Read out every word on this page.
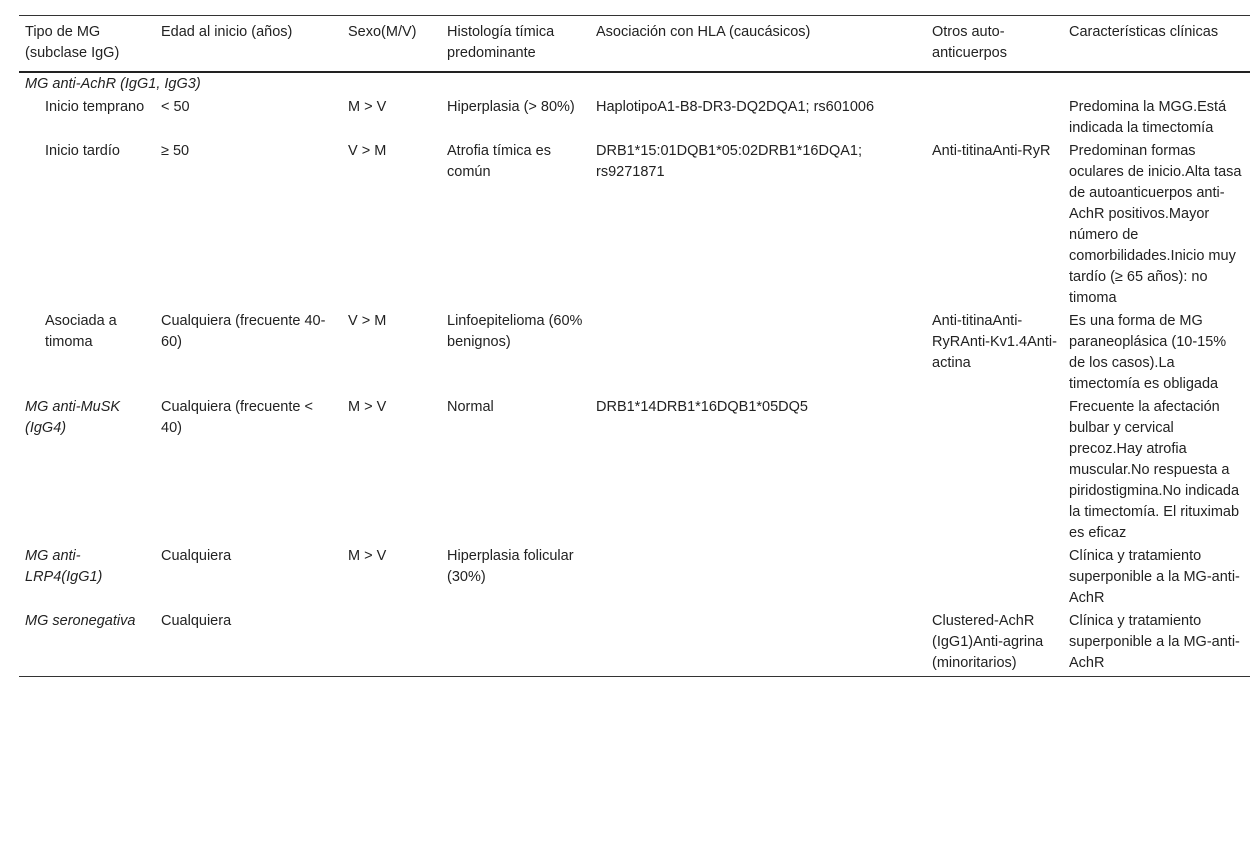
Tipo de MG (subclase IgG)	Edad al inicio (años)	Sexo(M/V)	Histología tímica predominante	Asociación con HLA (caucásicos)	Otros auto-anticuerpos	Características clínicas
MG anti-AchR (IgG1, IgG3)						
Inicio temprano	< 50	M ˃ V	Hiperplasia (˃ 80%)	HaplotipoA1-B8-DR3-DQ2DQA1; rs601006		Predomina la MGG.Está indicada la timectomía
Inicio tardío	≥ 50	V ˃ M	Atrofia tímica es común	DRB1*15:01DQB1*05:02DRB1*16DQA1; rs9271871	Anti-titinaAnti-RyR	Predominan formas oculares de inicio.Alta tasa de autoanticuerpos anti-AchR positivos.Mayor número de comorbilidades.Inicio muy tardío (≥ 65 años): no timoma
Asociada a timoma	Cualquiera (frecuente 40-60)	V ˃ M	Linfoepitelioma (60% benignos)		Anti-titinaAnti-RyRAnti-Kv1.4Anti-actina	Es una forma de MG paraneoplásica (10-15% de los casos).La timectomía es obligada
MG anti-MuSK (IgG4)	Cualquiera (frecuente < 40)	M ˃ V	Normal	DRB1*14DRB1*16DQB1*05DQ5		Frecuente la afectación bulbar y cervical precoz.Hay atrofia muscular.No respuesta a piridostigmina.No indicada la timectomía. El rituximab es eficaz
MG anti-LRP4(IgG1)	Cualquiera	M ˃ V	Hiperplasia folicular (30%)			Clínica y tratamiento superponible a la MG-anti-AchR
MG seronegativa	Cualquiera				Clustered-AchR (IgG1)Anti-agrina (minoritarios)	Clínica y tratamiento superponible a la MG-anti-AchR
